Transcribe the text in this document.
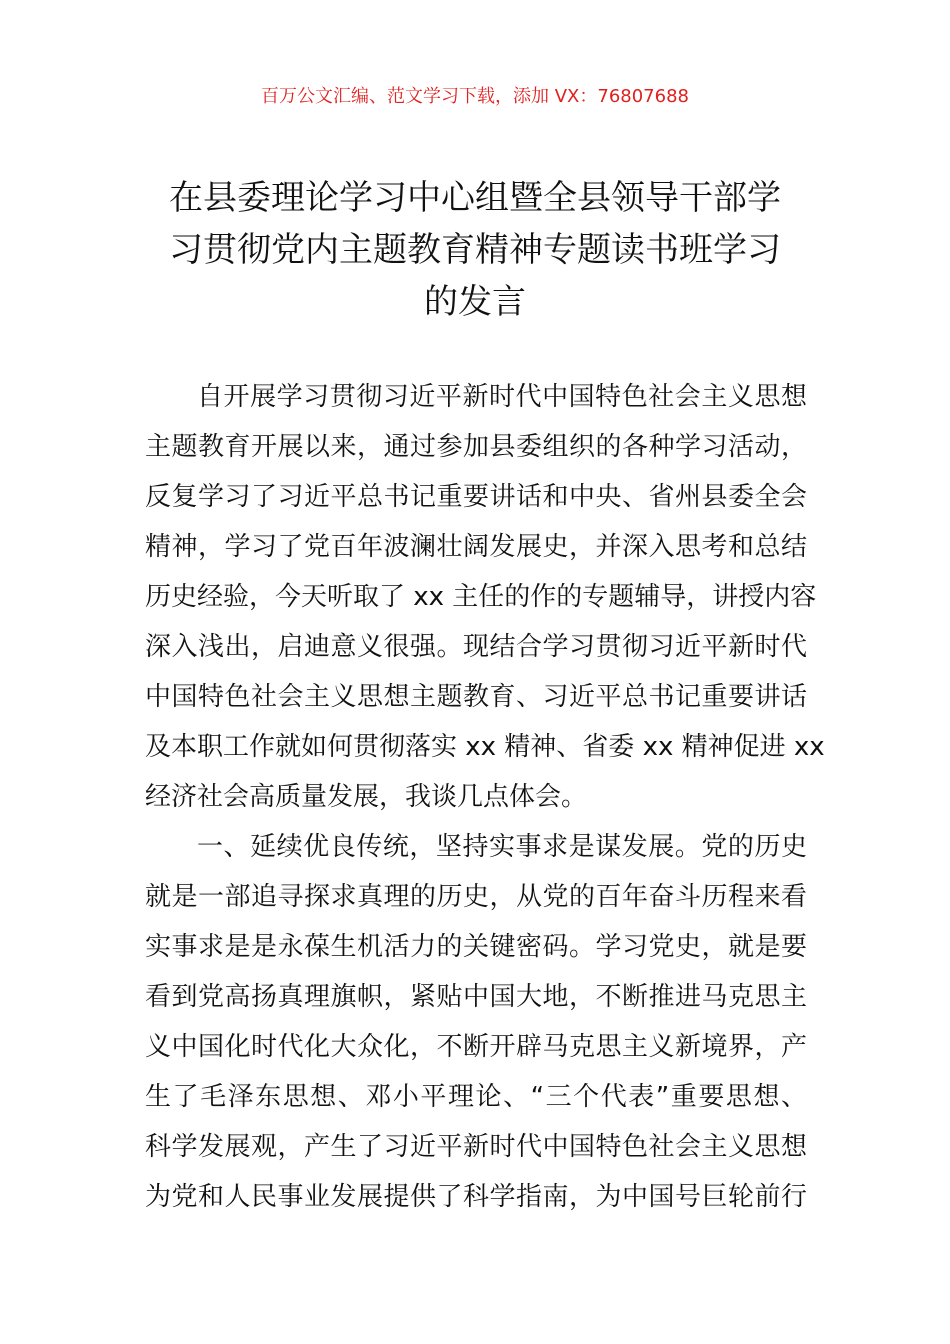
百万公文汇编、范文学习下载，添加 VX：76807688
在县委理论学习中心组暨全县领导干部学
习贯彻党内主题教育精神专题读书班学习
的发言
自开展学习贯彻习近平新时代中国特色社会主义思想
主题教育开展以来，通过参加县委组织的各种学习活动，
反复学习了习近平总书记重要讲话和中央、省州县委全会
精神，学习了党百年波澜壮阔发展史，并深入思考和总结
历史经验，今天听取了 xx 主任的作的专题辅导，讲授内容
深入浅出，启迪意义很强。现结合学习贯彻习近平新时代
中国特色社会主义思想主题教育、习近平总书记重要讲话
及本职工作就如何贯彻落实 xx 精神、省委 xx 精神促进 xx
经济社会高质量发展，我谈几点体会。
一、延续优良传统，坚持实事求是谋发展。党的历史
就是一部追寻探求真理的历史，从党的百年奋斗历程来看
实事求是是永葆生机活力的关键密码。学习党史，就是要
看到党高扬真理旗帜，紧贴中国大地，不断推进马克思主
义中国化时代化大众化，不断开辟马克思主义新境界，产
生了毛泽东思想、邓小平理论、“三个代表”重要思想、
科学发展观，产生了习近平新时代中国特色社会主义思想
为党和人民事业发展提供了科学指南，为中国号巨轮前行
